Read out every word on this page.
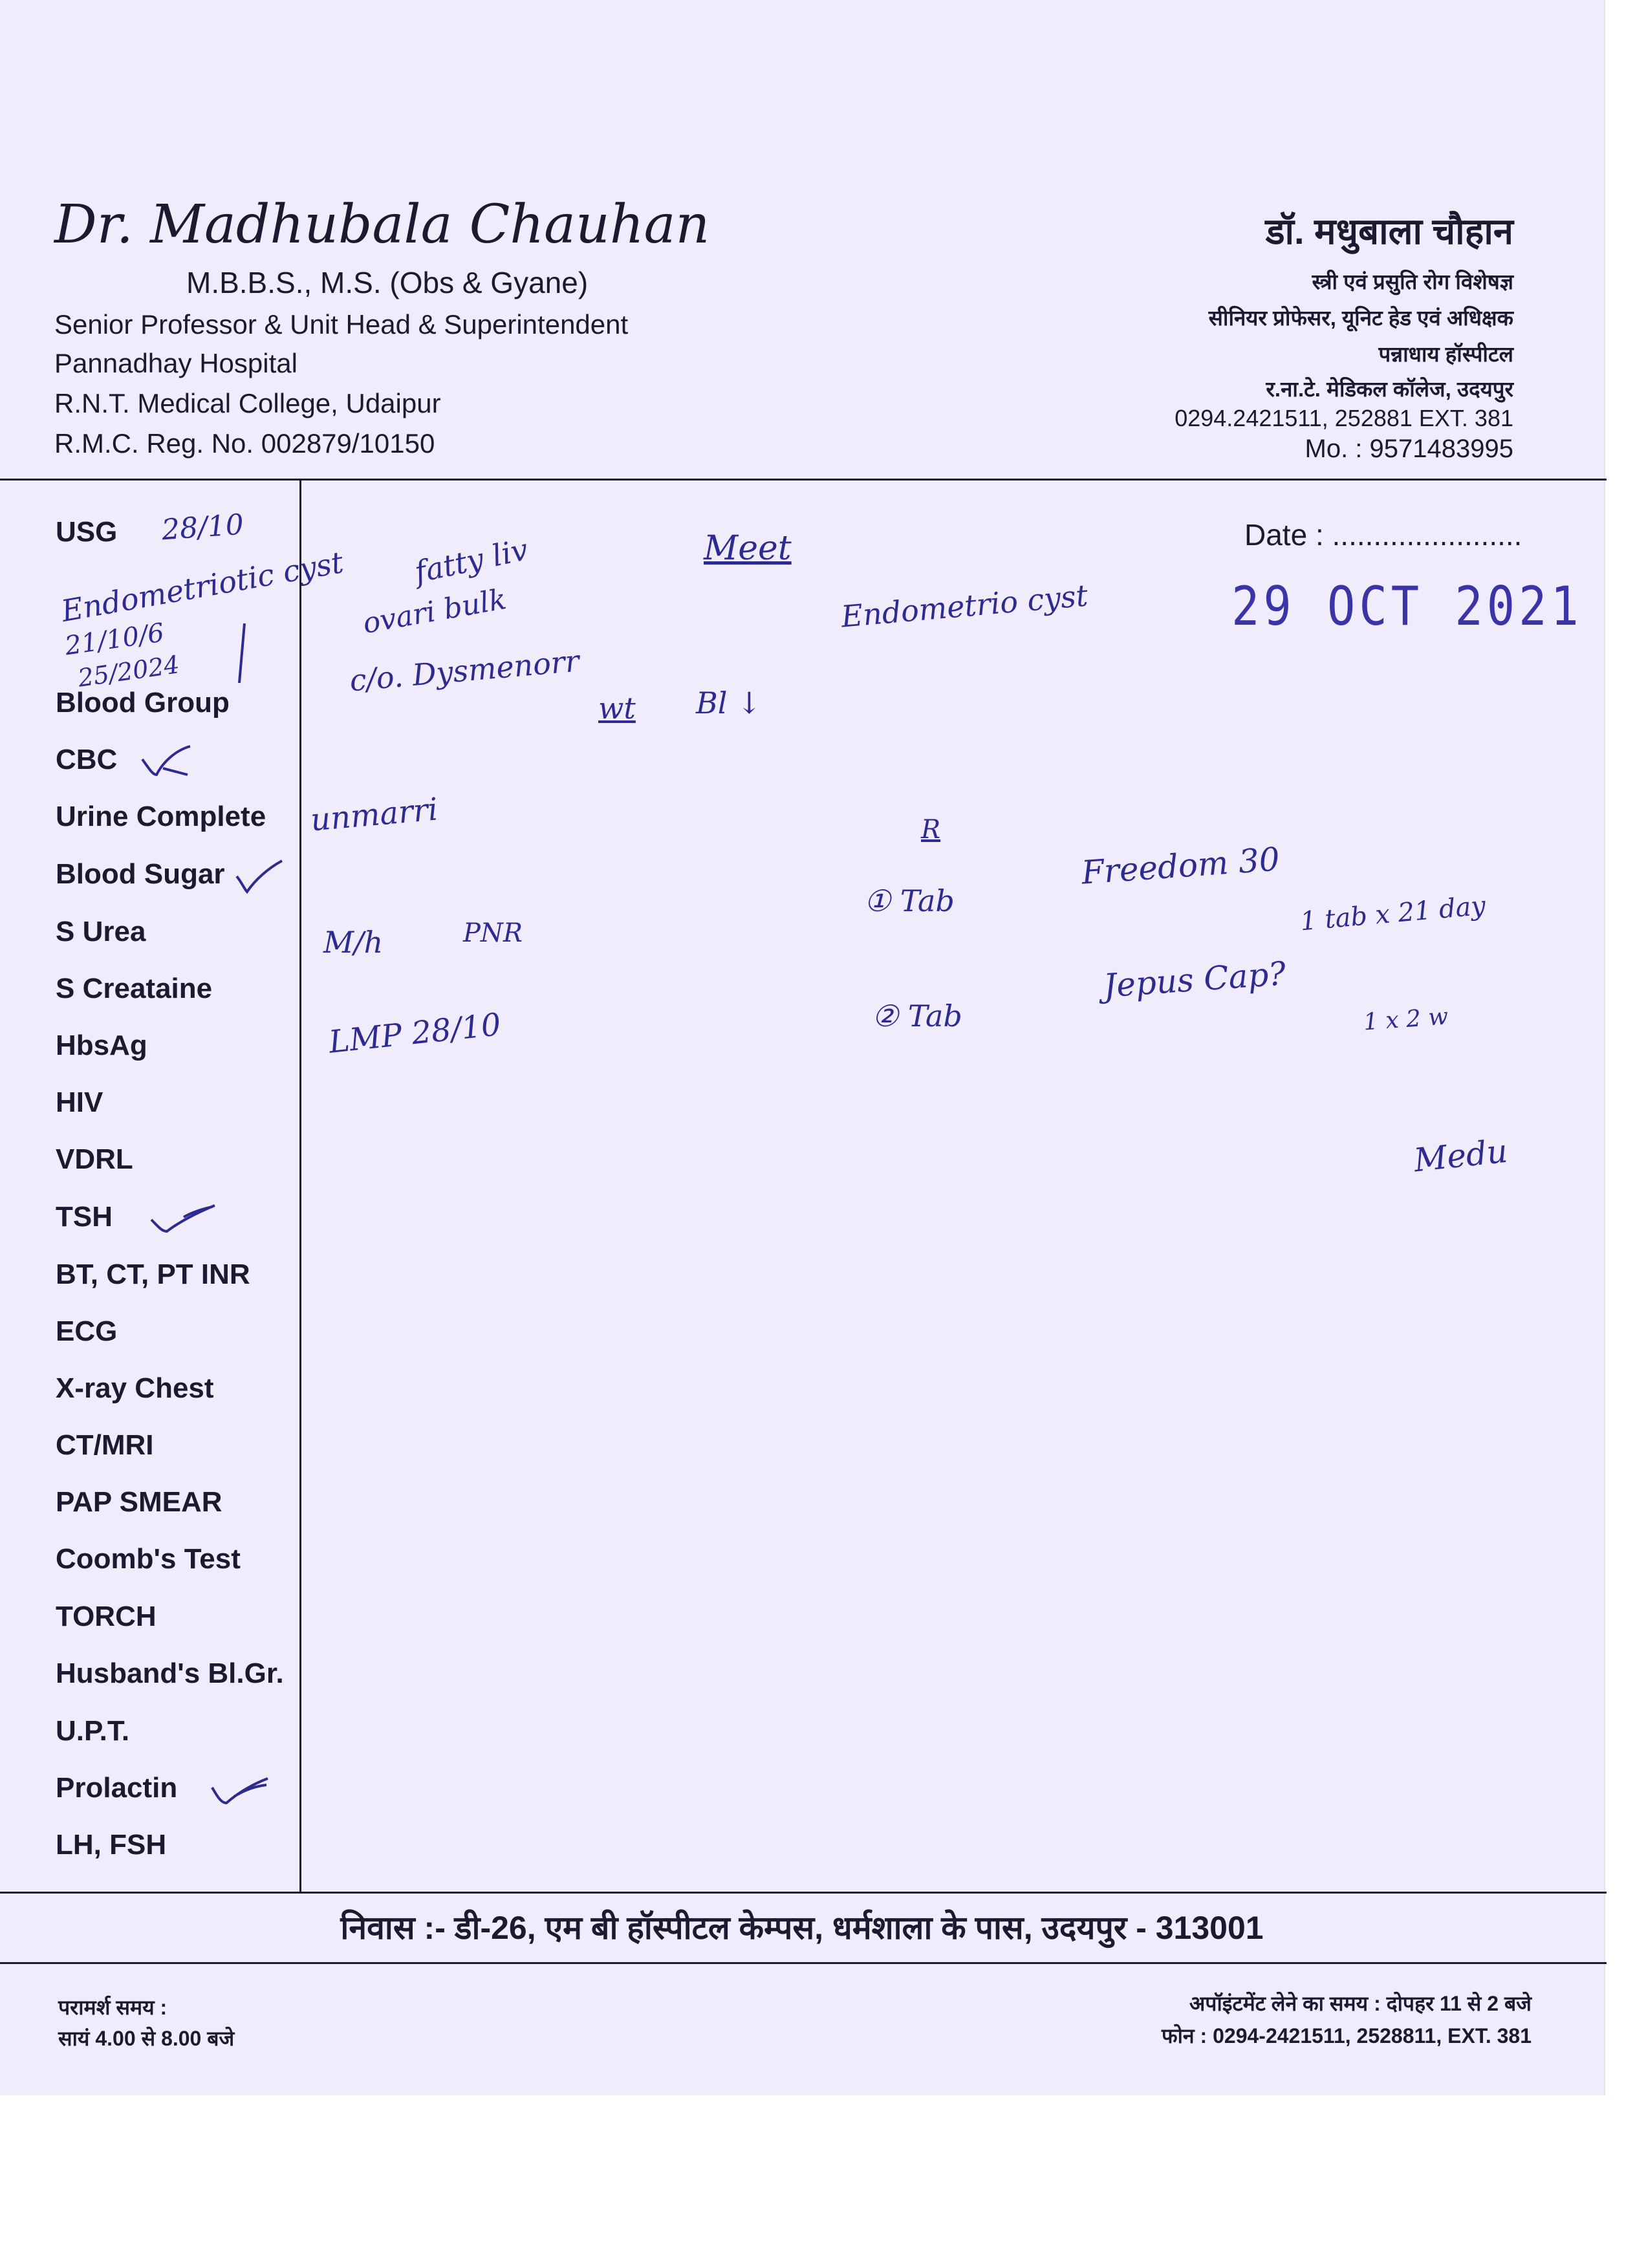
Dr. Madhubala Chauhan
M.B.B.S., M.S. (Obs & Gyane)
Senior Professor & Unit Head & Superintendent
Pannadhay Hospital
R.N.T. Medical College, Udaipur
R.M.C. Reg. No. 002879/10150
डॉ. मधुबाला चौहान
स्त्री एवं प्रसुति रोग विशेषज्ञ
सीनियर प्रोफेसर, यूनिट हेड एवं अधिक्षक
पन्नाधाय हॉस्पीटल
र.ना.टे. मेडिकल कॉलेज, उदयपुर
0294.2421511, 252881 EXT. 381
Mo. : 9571483995
USG
Blood Group
CBC
Urine Complete
Blood Sugar
S Urea
S Creataine
HbsAg
HIV
VDRL
TSH
BT, CT, PT INR
ECG
X-ray Chest
CT/MRI
PAP SMEAR
Coomb's Test
TORCH
Husband's Bl.Gr.
U.P.T.
Prolactin
LH, FSH
Date : .......................
29 OCT 2021
28/10
Endometriotic cyst fatty liv
ovari bulk
21/10/6
25/2024
Meet
Endometrio cyst
c/o. Dysmenorr
wt Bl ↓
unmarri	R
① Tab
Freedom 30
1 tab x 21 day
M/h	PNR
② Tab
Jepus Cap?
1 x 2 w
LMP 28/10
Medu
निवास :- डी-26, एम बी हॉस्पीटल केम्पस, धर्मशाला के पास, उदयपुर - 313001
परामर्श समय :
सायं 4.00 से 8.00 बजे
अपॉइंटमेंट लेने का समय : दोपहर 11 से 2 बजे
फोन : 0294-2421511, 2528811, EXT. 381
